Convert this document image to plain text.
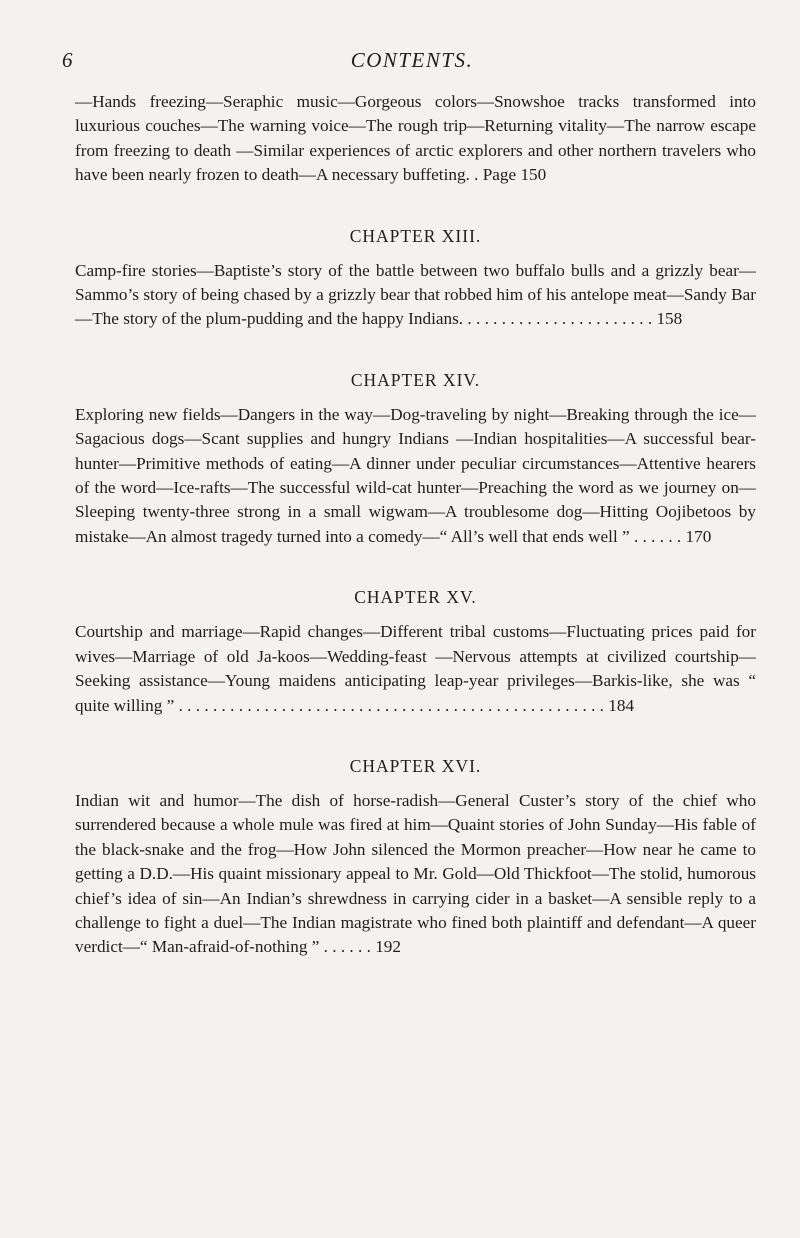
6	CONTENTS.

—Hands freezing—Seraphic music—Gorgeous colors—Snowshoe tracks transformed into luxurious couches—The warning voice—The rough trip—Returning vitality—The narrow escape from freezing to death —Similar experiences of arctic explorers and other northern travelers who have been nearly frozen to death—A necessary buffeting. . Page 150

CHAPTER XIII.

Camp-fire stories—Baptiste’s story of the battle between two buffalo bulls and a grizzly bear—Sammo’s story of being chased by a grizzly bear that robbed him of his antelope meat—Sandy Bar—The story of the plum-pudding and the happy Indians. . . . . . . . . . . . . . . . . . . . . . . 158

CHAPTER XIV.

Exploring new fields—Dangers in the way—Dog-traveling by night—Breaking through the ice—Sagacious dogs—Scant supplies and hungry Indians —Indian hospitalities—A successful bear-hunter—Primitive methods of eating—A dinner under peculiar circumstances—Attentive hearers of the word—Ice-rafts—The successful wild-cat hunter—Preaching the word as we journey on—Sleeping twenty-three strong in a small wigwam—A troublesome dog—Hitting Oojibetoos by mistake—An almost tragedy turned into a comedy—“ All’s well that ends well ” . . . . . . 170

CHAPTER XV.

Courtship and marriage—Rapid changes—Different tribal customs—Fluctuating prices paid for wives—Marriage of old Ja-koos—Wedding-feast —Nervous attempts at civilized courtship—Seeking assistance—Young maidens anticipating leap-year privileges—Barkis-like, she was “ quite willing ” . . . . . . . . . . . . . . . . . . . . . . . . . . . . . . . . . . . . . . . . . . . . . . . . . . 184

CHAPTER XVI.

Indian wit and humor—The dish of horse-radish—General Custer’s story of the chief who surrendered because a whole mule was fired at him—Quaint stories of John Sunday—His fable of the black-snake and the frog—How John silenced the Mormon preacher—How near he came to getting a D.D.—His quaint missionary appeal to Mr. Gold—Old Thickfoot—The stolid, humorous chief’s idea of sin—An Indian’s shrewdness in carrying cider in a basket—A sensible reply to a challenge to fight a duel—The Indian magistrate who fined both plaintiff and defendant—A queer verdict—“ Man-afraid-of-nothing ” . . . . . . 192
